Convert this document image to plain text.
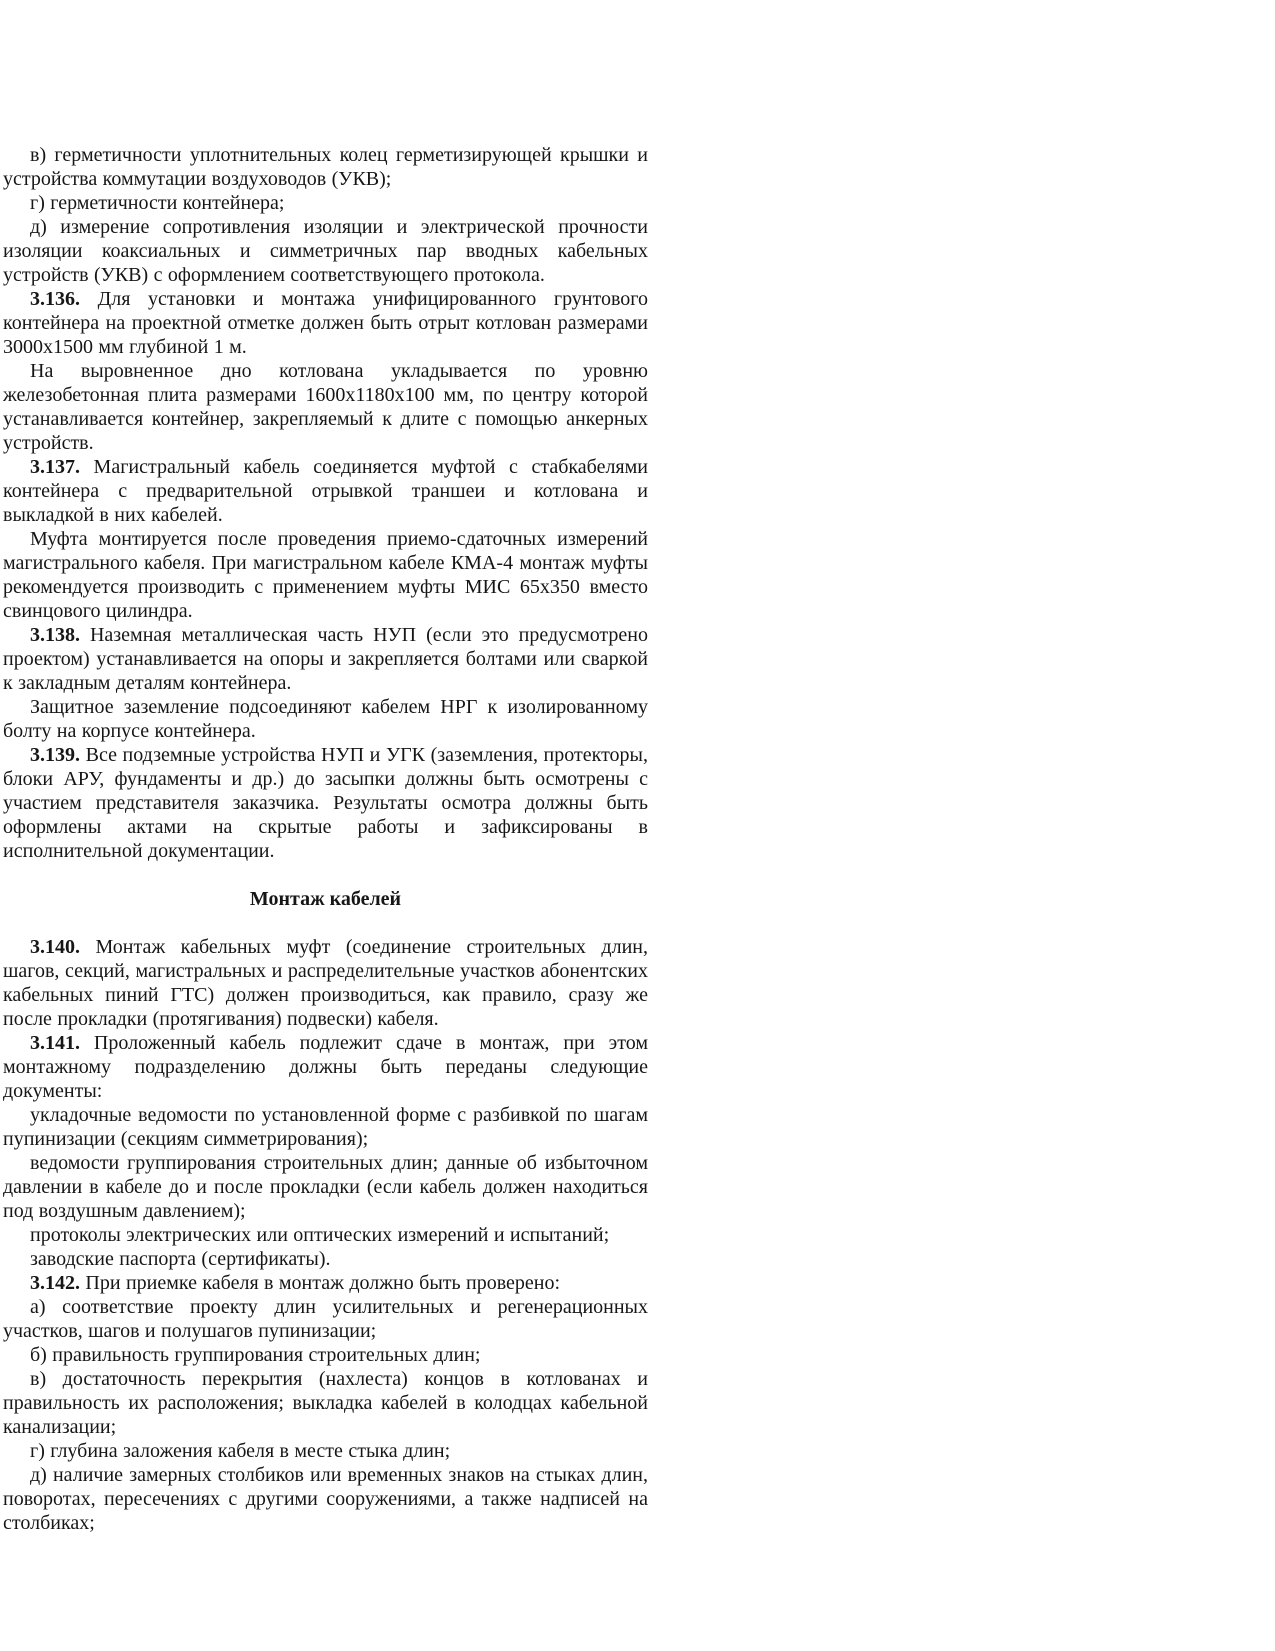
в) герметичности уплотнительных колец герметизирующей крышки и устройства коммутации воздуховодов (УКВ);

г) герметичности контейнера;

д) измерение сопротивления изоляции и электрической прочности изоляции коаксиальных и симметричных пар вводных кабельных устройств (УКВ) с оформлением соответствующего протокола.

3.136. Для установки и монтажа унифицированного грунтового контейнера на проектной отметке должен быть отрыт котлован размерами 3000х1500 мм глубиной 1 м.

На выровненное дно котлована укладывается по уровню железобетонная плита размерами 1600х1180х100 мм, по центру которой устанавливается контейнер, закрепляемый к длите с помощью анкерных устройств.

3.137. Магистральный кабель соединяется муфтой с стабкабелями контейнера с предварительной отрывкой траншеи и котлована и выкладкой в них кабелей.

Муфта монтируется после проведения приемо-сдаточных измерений магистрального кабеля. При магистральном кабеле КМА-4 монтаж муфты рекомендуется производить с применением муфты МИС 65х350 вместо свинцового цилиндра.

3.138. Наземная металлическая часть НУП (если это предусмотрено проектом) устанавливается на опоры и закрепляется болтами или сваркой к закладным деталям контейнера.

Защитное заземление подсоединяют кабелем НРГ к изолированному болту на корпусе контейнера.

3.139. Все подземные устройства НУП и УГК (заземления, протекторы, блоки АРУ, фундаменты и др.) до засыпки должны быть осмотрены с участием представителя заказчика. Результаты осмотра должны быть оформлены актами на скрытые работы и зафиксированы в исполнительной документации.

Монтаж кабелей

3.140. Монтаж кабельных муфт (соединение строительных длин, шагов, секций, магистральных и распределительные участков абонентских кабельных пиний ГТС) должен производиться, как правило, сразу же после прокладки (протягивания) подвески) кабеля.

3.141. Проложенный кабель подлежит сдаче в монтаж, при этом монтажному подразделению должны быть переданы следующие документы:

укладочные ведомости по установленной форме с разбивкой по шагам пупинизации (секциям симметрирования);

ведомости группирования строительных длин; данные об избыточном давлении в кабеле до и после прокладки (если кабель должен находиться под воздушным давлением);

протоколы электрических или оптических измерений и испытаний;

заводские паспорта (сертификаты).

3.142. При приемке кабеля в монтаж должно быть проверено:

а) соответствие проекту длин усилительных и регенерационных участков, шагов и полушагов пупинизации;

б) правильность группирования строительных длин;

в) достаточность перекрытия (нахлеста) концов в котлованах и правильность их расположения; выкладка кабелей в колодцах кабельной канализации;

г) глубина заложения кабеля в месте стыка длин;

д) наличие замерных столбиков или временных знаков на стыках длин, поворотах, пересечениях с другими сооружениями, а также надписей на столбиках;
